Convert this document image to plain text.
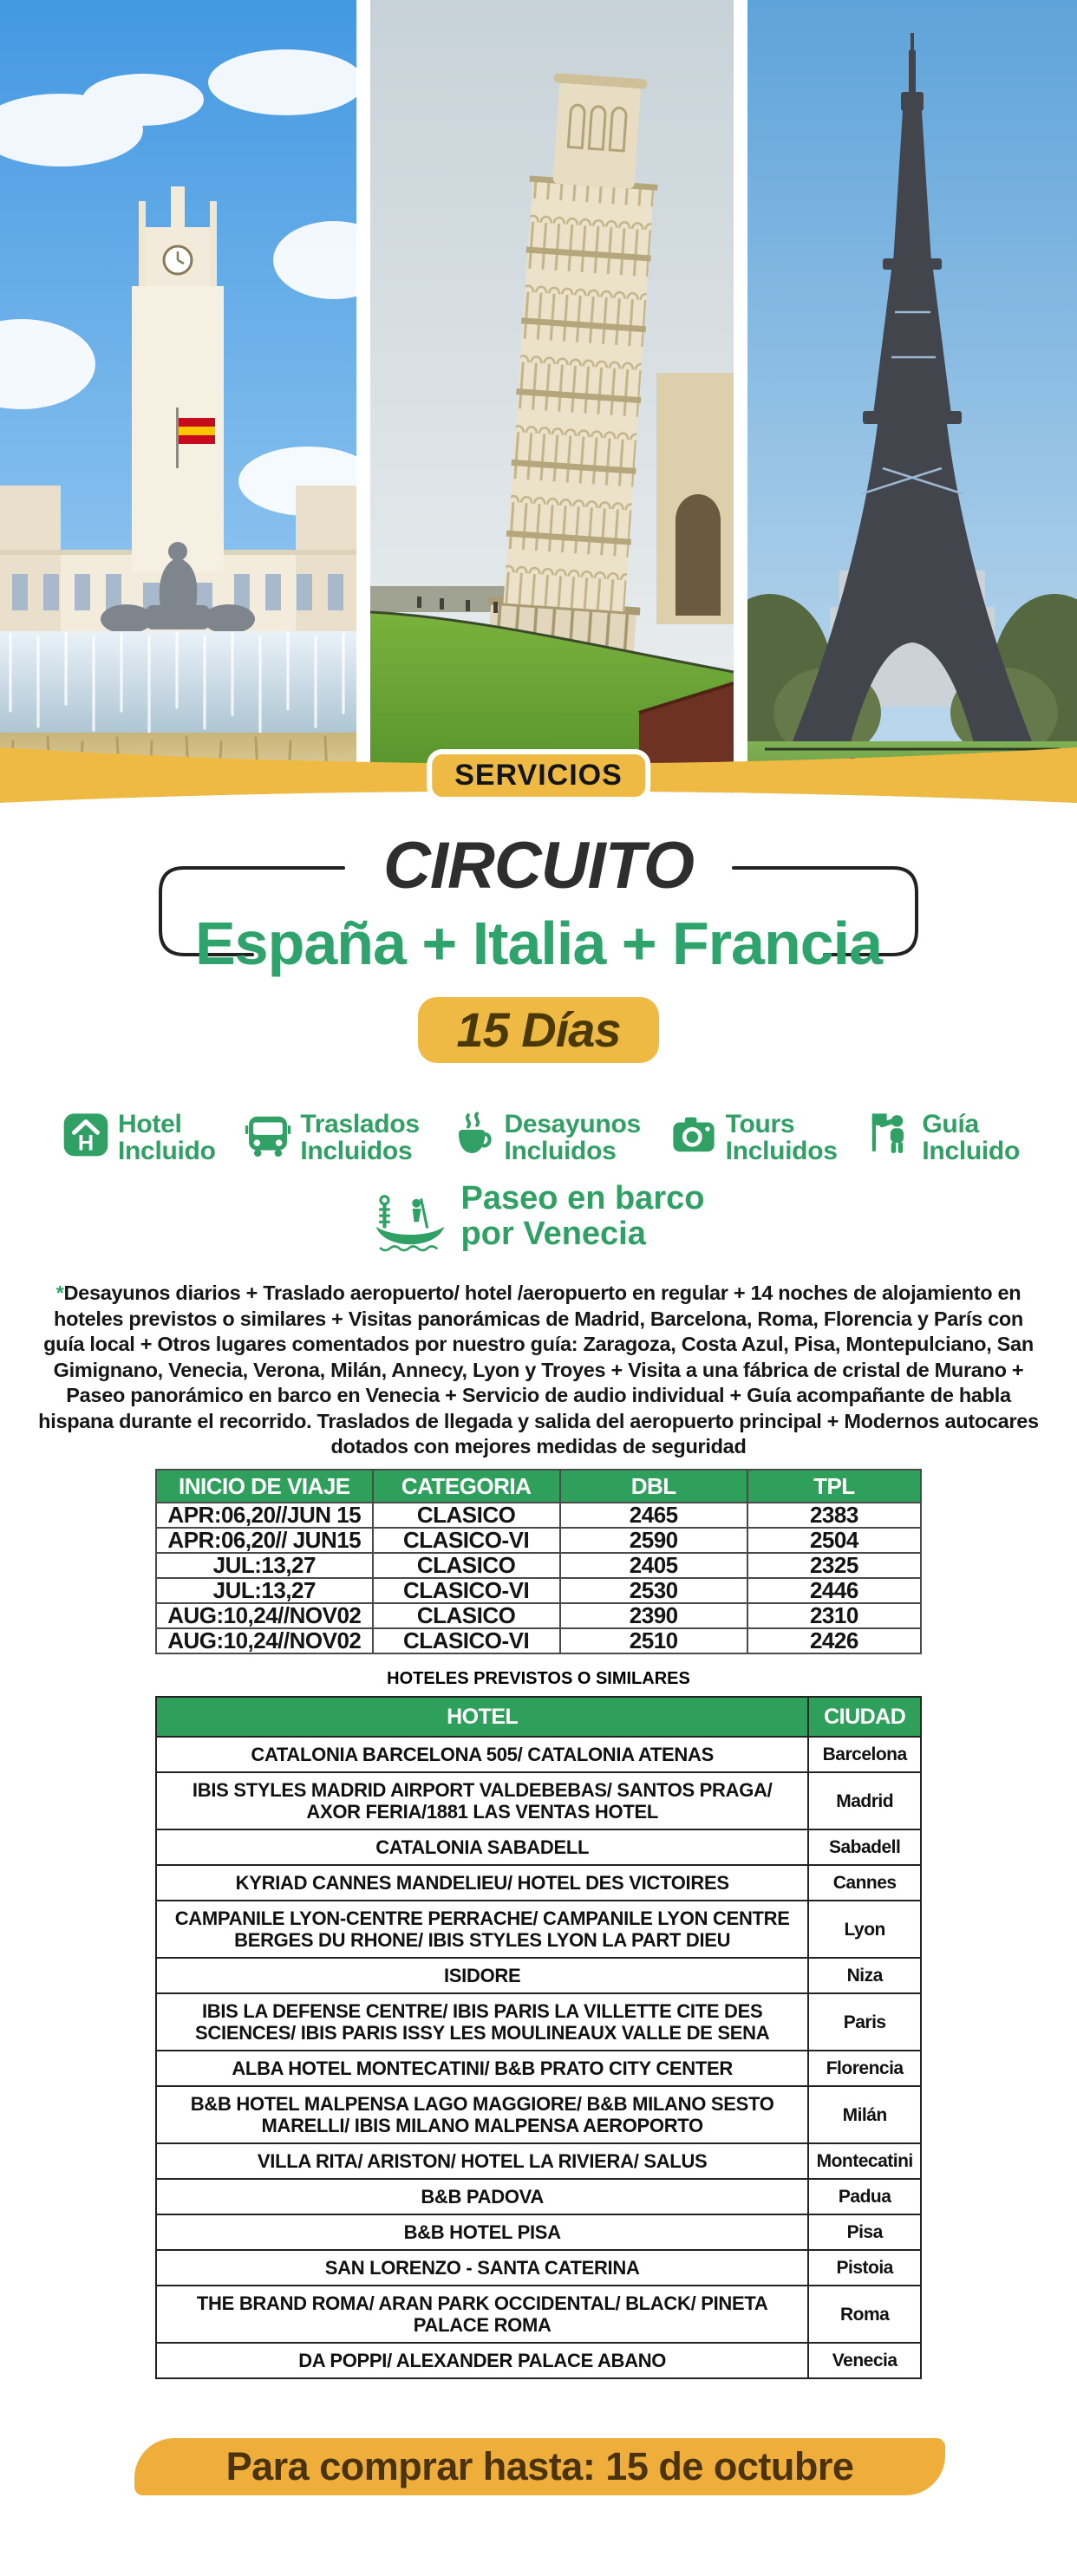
SERVICIOS
CIRCUITO
España + Italia + Francia
15 Días
H
Hotel
Incluido
Traslados
Incluidos
Desayunos
Incluidos
Tours
Incluidos
Guía
Incluido
Paseo en barco
por Venecia

*Desayunos diarios + Traslado aeropuerto/ hotel /aeropuerto en regular + 14 noches de alojamiento en hoteles previstos o similares + Visitas panorámicas de Madrid, Barcelona, Roma, Florencia y París con guía local + Otros lugares comentados por nuestro guía: Zaragoza, Costa Azul, Pisa, Montepulciano, San Gimignano, Venecia, Verona, Milán, Annecy, Lyon y Troyes + Visita a una fábrica de cristal de Murano + Paseo panorámico en barco en Venecia + Servicio de audio individual + Guía acompañante de habla hispana durante el recorrido. Traslados de llegada y salida del aeropuerto principal + Modernos autocares dotados con mejores medidas de seguridad

INICIO DE VIAJE	CATEGORIA	DBL	TPL
APR:06,20//JUN 15	CLASICO	2465	2383
APR:06,20// JUN15	CLASICO-VI	2590	2504
JUL:13,27	CLASICO	2405	2325
JUL:13,27	CLASICO-VI	2530	2446
AUG:10,24//NOV02	CLASICO	2390	2310
AUG:10,24//NOV02	CLASICO-VI	2510	2426
HOTELES PREVISTOS O SIMILARES
HOTEL	CIUDAD
CATALONIA BARCELONA 505/ CATALONIA ATENAS	Barcelona
IBIS STYLES MADRID AIRPORT VALDEBEBAS/ SANTOS PRAGA/ AXOR FERIA/1881 LAS VENTAS HOTEL	Madrid
CATALONIA SABADELL	Sabadell
KYRIAD CANNES MANDELIEU/ HOTEL DES VICTOIRES	Cannes
CAMPANILE LYON-CENTRE PERRACHE/ CAMPANILE LYON CENTRE BERGES DU RHONE/ IBIS STYLES LYON LA PART DIEU	Lyon
ISIDORE	Niza
IBIS LA DEFENSE CENTRE/ IBIS PARIS LA VILLETTE CITE DES SCIENCES/ IBIS PARIS ISSY LES MOULINEAUX VALLE DE SENA	Paris
ALBA HOTEL MONTECATINI/ B&B PRATO CITY CENTER	Florencia
B&B HOTEL MALPENSA LAGO MAGGIORE/ B&B MILANO SESTO MARELLI/ IBIS MILANO MALPENSA AEROPORTO	Milán
VILLA RITA/ ARISTON/ HOTEL LA RIVIERA/ SALUS	Montecatini
B&B PADOVA	Padua
B&B HOTEL PISA	Pisa
SAN LORENZO - SANTA CATERINA	Pistoia
THE BRAND ROMA/ ARAN PARK OCCIDENTAL/ BLACK/ PINETA PALACE ROMA	Roma
DA POPPI/ ALEXANDER PALACE ABANO	Venecia
Para comprar hasta: 15 de octubre
